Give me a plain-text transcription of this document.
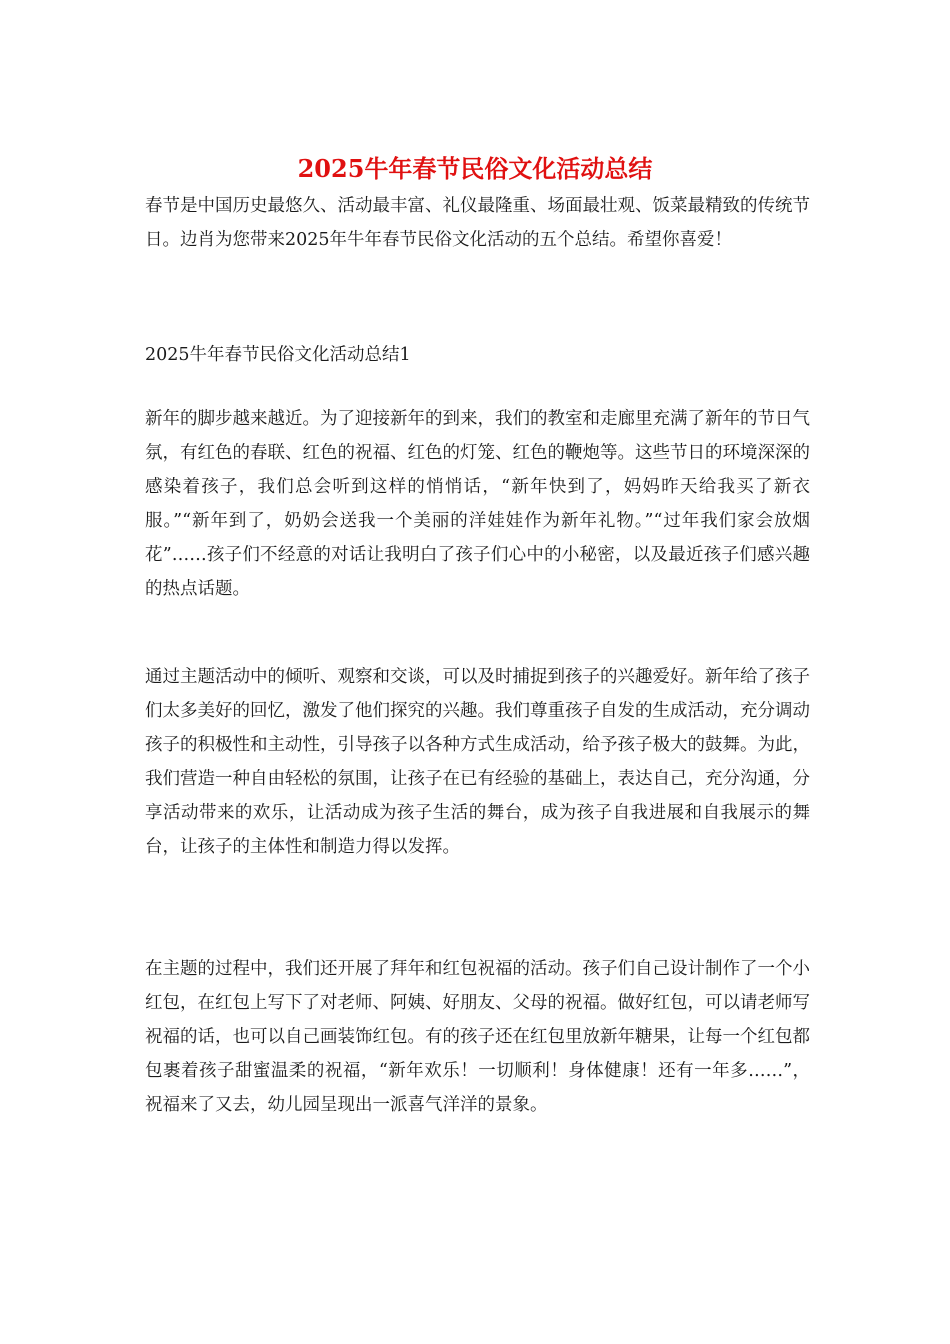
2025牛年春节民俗文化活动总结

春节是中国历史最悠久、活动最丰富、礼仪最隆重、场面最壮观、饭菜最精致的传统节日。边肖为您带来2025年牛年春节民俗文化活动的五个总结。希望你喜爱！

2025牛年春节民俗文化活动总结1

新年的脚步越来越近。为了迎接新年的到来，我们的教室和走廊里充满了新年的节日气氛，有红色的春联、红色的祝福、红色的灯笼、红色的鞭炮等。这些节日的环境深深的感染着孩子，我们总会听到这样的悄悄话，“新年快到了，妈妈昨天给我买了新衣服。”“新年到了，奶奶会送我一个美丽的洋娃娃作为新年礼物。”“过年我们家会放烟花”……孩子们不经意的对话让我明白了孩子们心中的小秘密，以及最近孩子们感兴趣的热点话题。

通过主题活动中的倾听、观察和交谈，可以及时捕捉到孩子的兴趣爱好。新年给了孩子们太多美好的回忆，激发了他们探究的兴趣。我们尊重孩子自发的生成活动，充分调动孩子的积极性和主动性，引导孩子以各种方式生成活动，给予孩子极大的鼓舞。为此，我们营造一种自由轻松的氛围，让孩子在已有经验的基础上，表达自己，充分沟通，分享活动带来的欢乐，让活动成为孩子生活的舞台，成为孩子自我进展和自我展示的舞台，让孩子的主体性和制造力得以发挥。

在主题的过程中，我们还开展了拜年和红包祝福的活动。孩子们自己设计制作了一个小红包，在红包上写下了对老师、阿姨、好朋友、父母的祝福。做好红包，可以请老师写祝福的话，也可以自己画装饰红包。有的孩子还在红包里放新年糖果，让每一个红包都包裹着孩子甜蜜温柔的祝福，“新年欢乐！一切顺利！身体健康！还有一年多……”，祝福来了又去，幼儿园呈现出一派喜气洋洋的景象。
